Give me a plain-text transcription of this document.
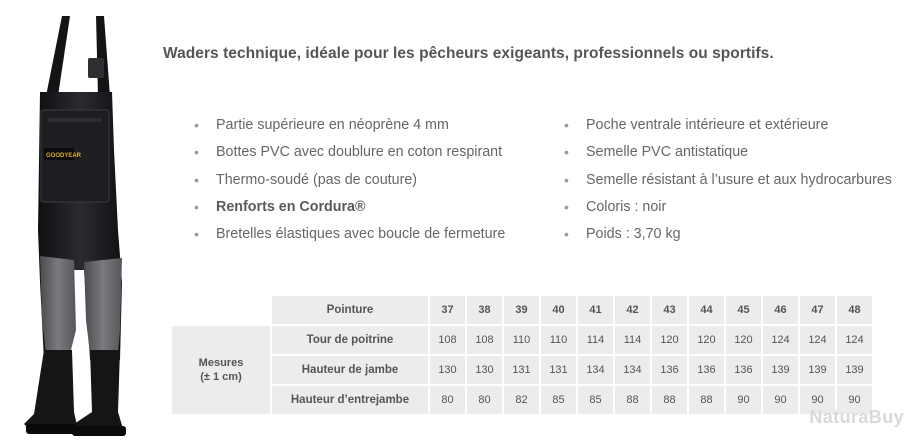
GOODYEAR
Waders technique, idéale pour les pêcheurs exigeants, professionnels ou sportifs.
• Partie supérieure en néoprène 4 mm
• Bottes PVC avec doublure en coton respirant
• Thermo-soudé (pas de couture)
• Renforts en Cordura®
• Bretelles élastiques avec boucle de fermeture
• Poche ventrale intérieure et extérieure
• Semelle PVC antistatique
• Semelle résistant à l’usure et aux hydrocarbures
• Coloris : noir
• Poids : 3,70 kg
	Pointure	37	38	39	40	41	42	43	44	45	46	47	48

Mesures
(± 1 cm)	Tour de poitrine	108	108	110	110	114	114	120	120	120	124	124	124
	Hauteur de jambe	130	130	131	131	134	134	136	136	136	139	139	139
	Hauteur d’entrejambe	80	80	82	85	85	88	88	88	90	90	90	90
NaturaBuy
